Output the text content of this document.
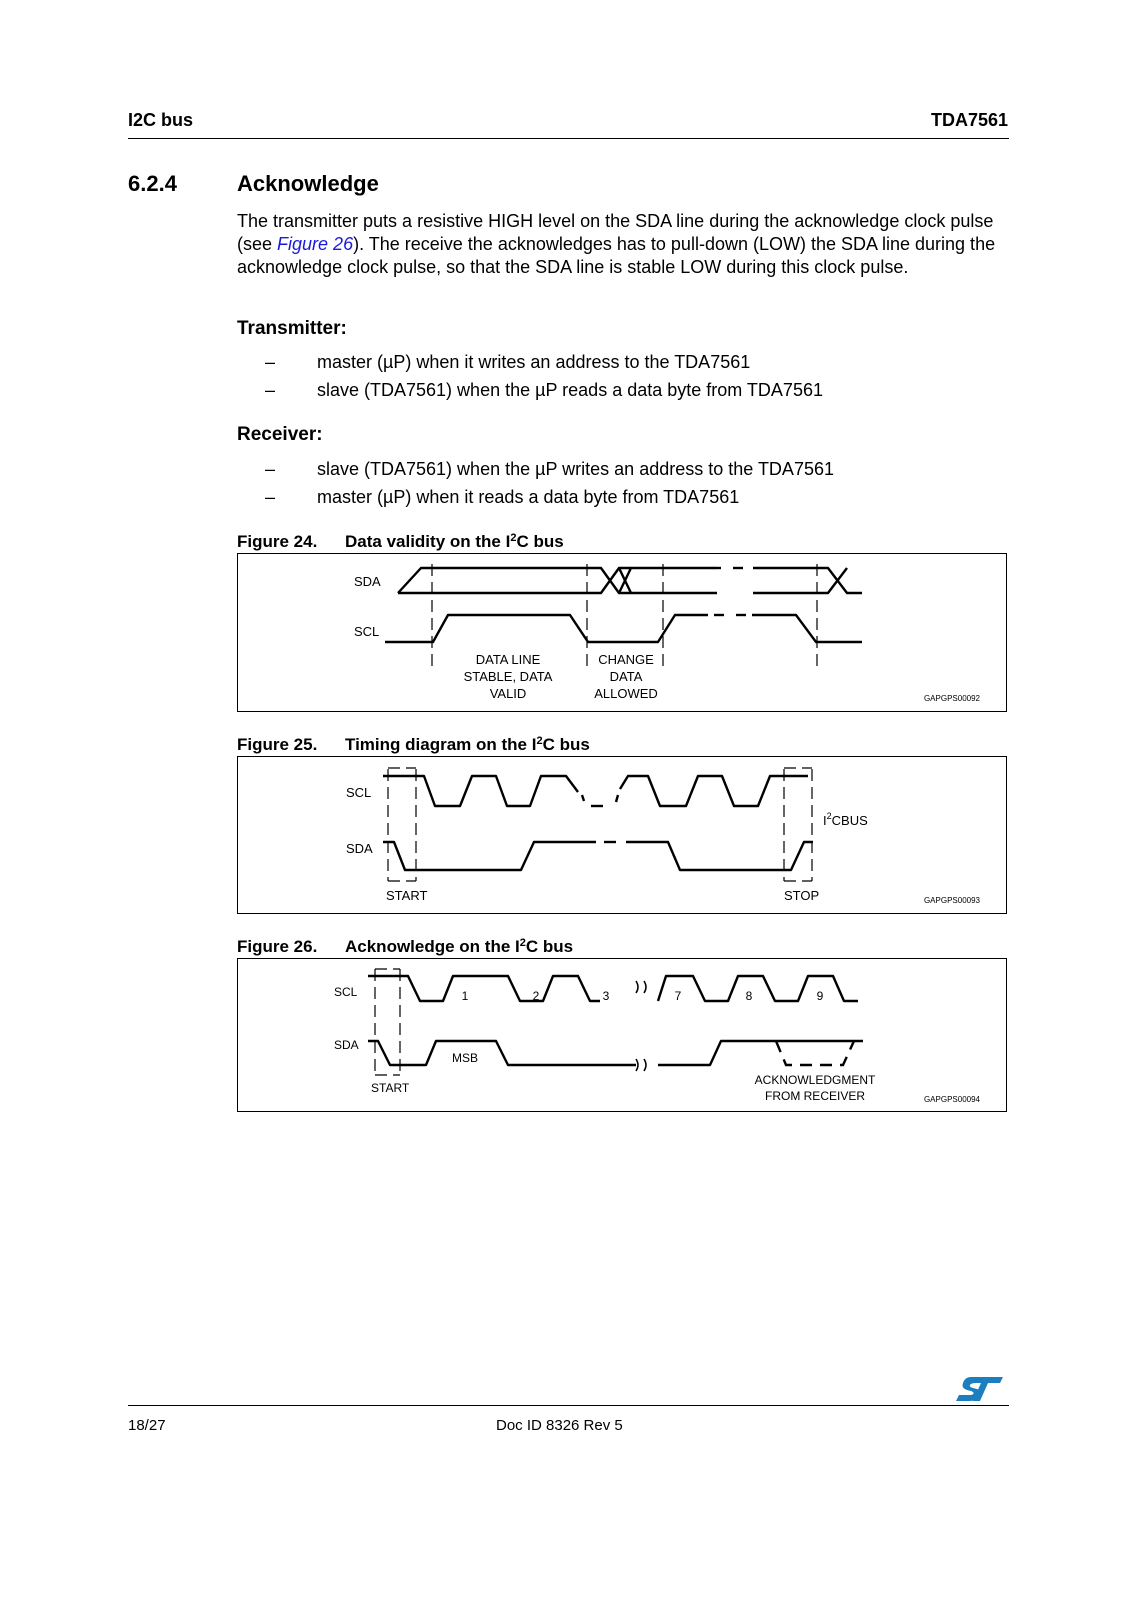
I2C bus	TDA7561
6.2.4	Acknowledge
The transmitter puts a resistive HIGH level on the SDA line during the acknowledge clock pulse (see Figure 26). The receive the acknowledges has to pull-down (LOW) the SDA line during the acknowledge clock pulse, so that the SDA line is stable LOW during this clock pulse.
Transmitter:
– master (µP) when it writes an address to the TDA7561
– slave (TDA7561) when the µP reads a data byte from TDA7561
Receiver:
– slave (TDA7561) when the µP writes an address to the TDA7561
– master (µP) when it reads a data byte from TDA7561
Figure 24. Data validity on the $I^2C$ bus
SDA
SCL
DATA LINE
STABLE, DATA
VALID
CHANGE
DATA
ALLOWED	GAPGPS00092
Figure 25. Timing diagram on the $I^2C$ bus
SCL
SDA
START	STOP
$I^2CBUS$
GAPGPS00093
Figure 26. Acknowledge on the $I^2C$ bus
SCL
SDA
1	2	3	7	8	9
MSB
START
ACKNOWLEDGMENT
FROM RECEIVER	GAPGPS00094
18/27	Doc ID 8326 Rev 5
